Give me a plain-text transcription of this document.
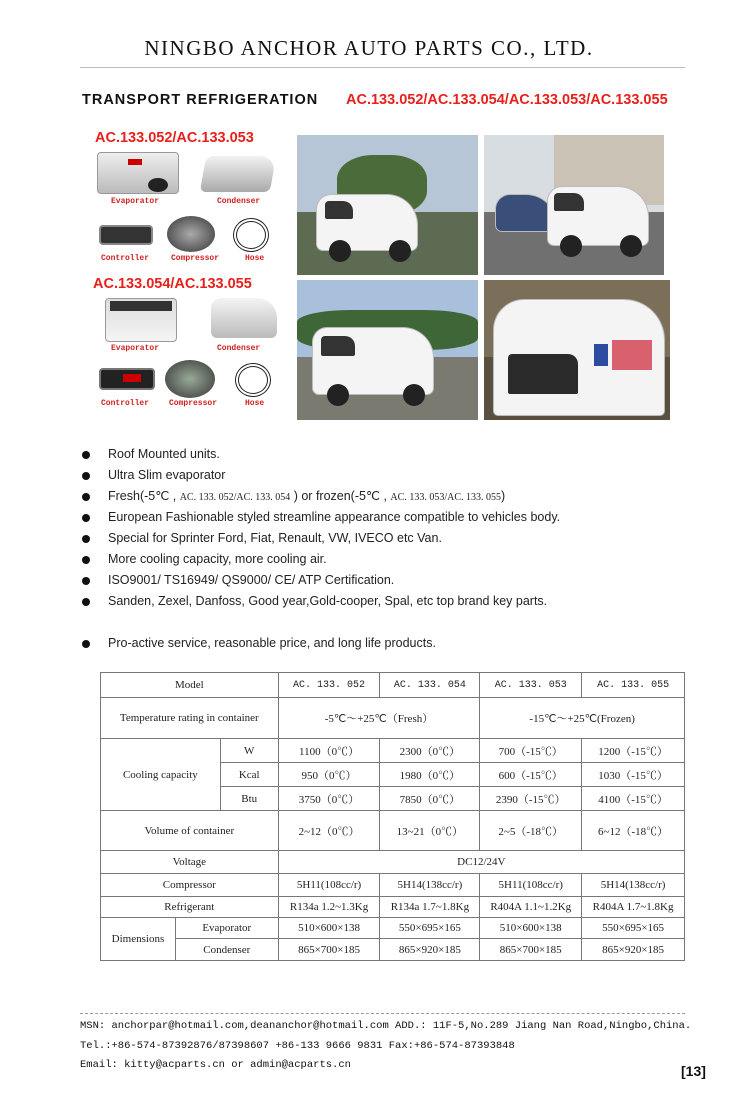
NINGBO ANCHOR AUTO PARTS CO., LTD.
TRANSPORT REFRIGERATION AC.133.052/AC.133.054/AC.133.053/AC.133.055
AC.133.052/AC.133.053
Evaporator	Condenser
Controller	Compressor	Hose
AC.133.054/AC.133.055
Evaporator	Condenser
Controller Compressor	Hose
Roof Mounted units.
Ultra Slim evaporator
Fresh(-5℃ , AC. 133. 052/AC. 133. 054 ) or frozen(-5℃ , AC. 133. 053/AC. 133. 055)
European Fashionable styled streamline appearance compatible to vehicles body.
Special for Sprinter Ford, Fiat, Renault, VW, IVECO etc Van.
More cooling capacity, more cooling air.
ISO9001/ TS16949/ QS9000/ CE/ ATP Certification.
Sanden, Zexel, Danfoss, Good year,Gold-cooper, Spal, etc top brand key parts.
Pro-active service, reasonable price, and long life products.
Model			AC. 133. 052	AC. 133. 054	AC. 133. 053	AC. 133. 055
Temperature rating in container			-5℃～+25℃（Fresh）		-15℃～+25℃(Frozen)	
Cooling capacity		W	1100（0℃）	2300（0℃）	700（-15℃）	1200（-15℃）
		Kcal	950（0℃）	1980（0℃）	600（-15℃）	1030（-15℃）
		Btu	3750（0℃）	7850（0℃）	2390（-15℃）	4100（-15℃）
Volume of container			2~12（0℃）	13~21（0℃）	2~5（-18℃）	6~12（-18℃）
Voltage			DC12/24V			
Compressor			5H11(108cc/r)	5H14(138cc/r)	5H11(108cc/r)	5H14(138cc/r)
Refrigerant			R134a 1.2~1.3Kg	R134a 1.7~1.8Kg	R404A 1.1~1.2Kg	R404A 1.7~1.8Kg
Dimensions	Evaporator		510×600×138	550×695×165	510×600×138	550×695×165
	Condenser		865×700×185	865×920×185	865×700×185	865×920×185
MSN: anchorpar@hotmail.com,deananchor@hotmail.com ADD.: 11F-5,No.289 Jiang Nan Road,Ningbo,China.
Tel.:+86-574-87392876/87398607 +86-133 9666 9831 Fax:+86-574-87393848
Email: kitty@acparts.cn or admin@acparts.cn	[13]
